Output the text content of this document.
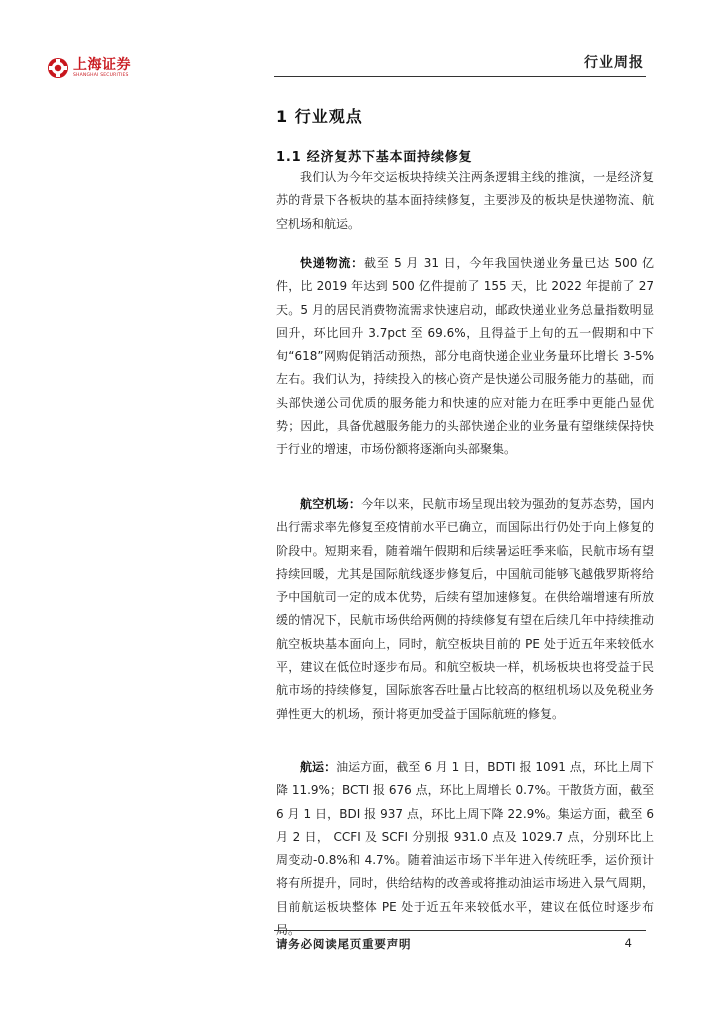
上海证券
SHANGHAI SECURITIES
行业周报
1 行业观点
1.1 经济复苏下基本面持续修复

我们认为今年交运板块持续关注两条逻辑主线的推演，一是经济复苏的背景下各板块的基本面持续修复，主要涉及的板块是快递物流、航空机场和航运。

快递物流：截至 5 月 31 日，今年我国快递业务量已达 500 亿件，比 2019 年达到 500 亿件提前了 155 天，比 2022 年提前了 27 天。5 月的居民消费物流需求快速启动，邮政快递业业务总量指数明显回升，环比回升 3.7pct 至 69.6%，且得益于上旬的五一假期和中下旬“618”网购促销活动预热，部分电商快递企业业务量环比增长 3-5%左右。我们认为，持续投入的核心资产是快递公司服务能力的基础，而头部快递公司优质的服务能力和快速的应对能力在旺季中更能凸显优势；因此，具备优越服务能力的头部快递企业的业务量有望继续保持快于行业的增速，市场份额将逐渐向头部聚集。

航空机场：今年以来，民航市场呈现出较为强劲的复苏态势，国内出行需求率先修复至疫情前水平已确立，而国际出行仍处于向上修复的阶段中。短期来看，随着端午假期和后续暑运旺季来临，民航市场有望持续回暖，尤其是国际航线逐步修复后，中国航司能够飞越俄罗斯将给予中国航司一定的成本优势，后续有望加速修复。在供给端增速有所放缓的情况下，民航市场供给两侧的持续修复有望在后续几年中持续推动航空板块基本面向上，同时，航空板块目前的 PE 处于近五年来较低水平，建议在低位时逐步布局。和航空板块一样，机场板块也将受益于民航市场的持续修复，国际旅客吞吐量占比较高的枢纽机场以及免税业务弹性更大的机场，预计将更加受益于国际航班的修复。

航运：油运方面，截至 6 月 1 日，BDTI 报 1091 点，环比上周下降 11.9%；BCTI 报 676 点，环比上周增长 0.7%。干散货方面，截至 6 月 1 日，BDI 报 937 点，环比上周下降 22.9%。集运方面，截至 6 月 2 日， CCFI 及 SCFI 分别报 931.0 点及 1029.7 点，分别环比上周变动-0.8%和 4.7%。随着油运市场下半年进入传统旺季，运价预计将有所提升，同时，供给结构的改善或将推动油运市场进入景气周期，目前航运板块整体 PE 处于近五年来较低水平，建议在低位时逐步布局。

请务必阅读尾页重要声明	4
